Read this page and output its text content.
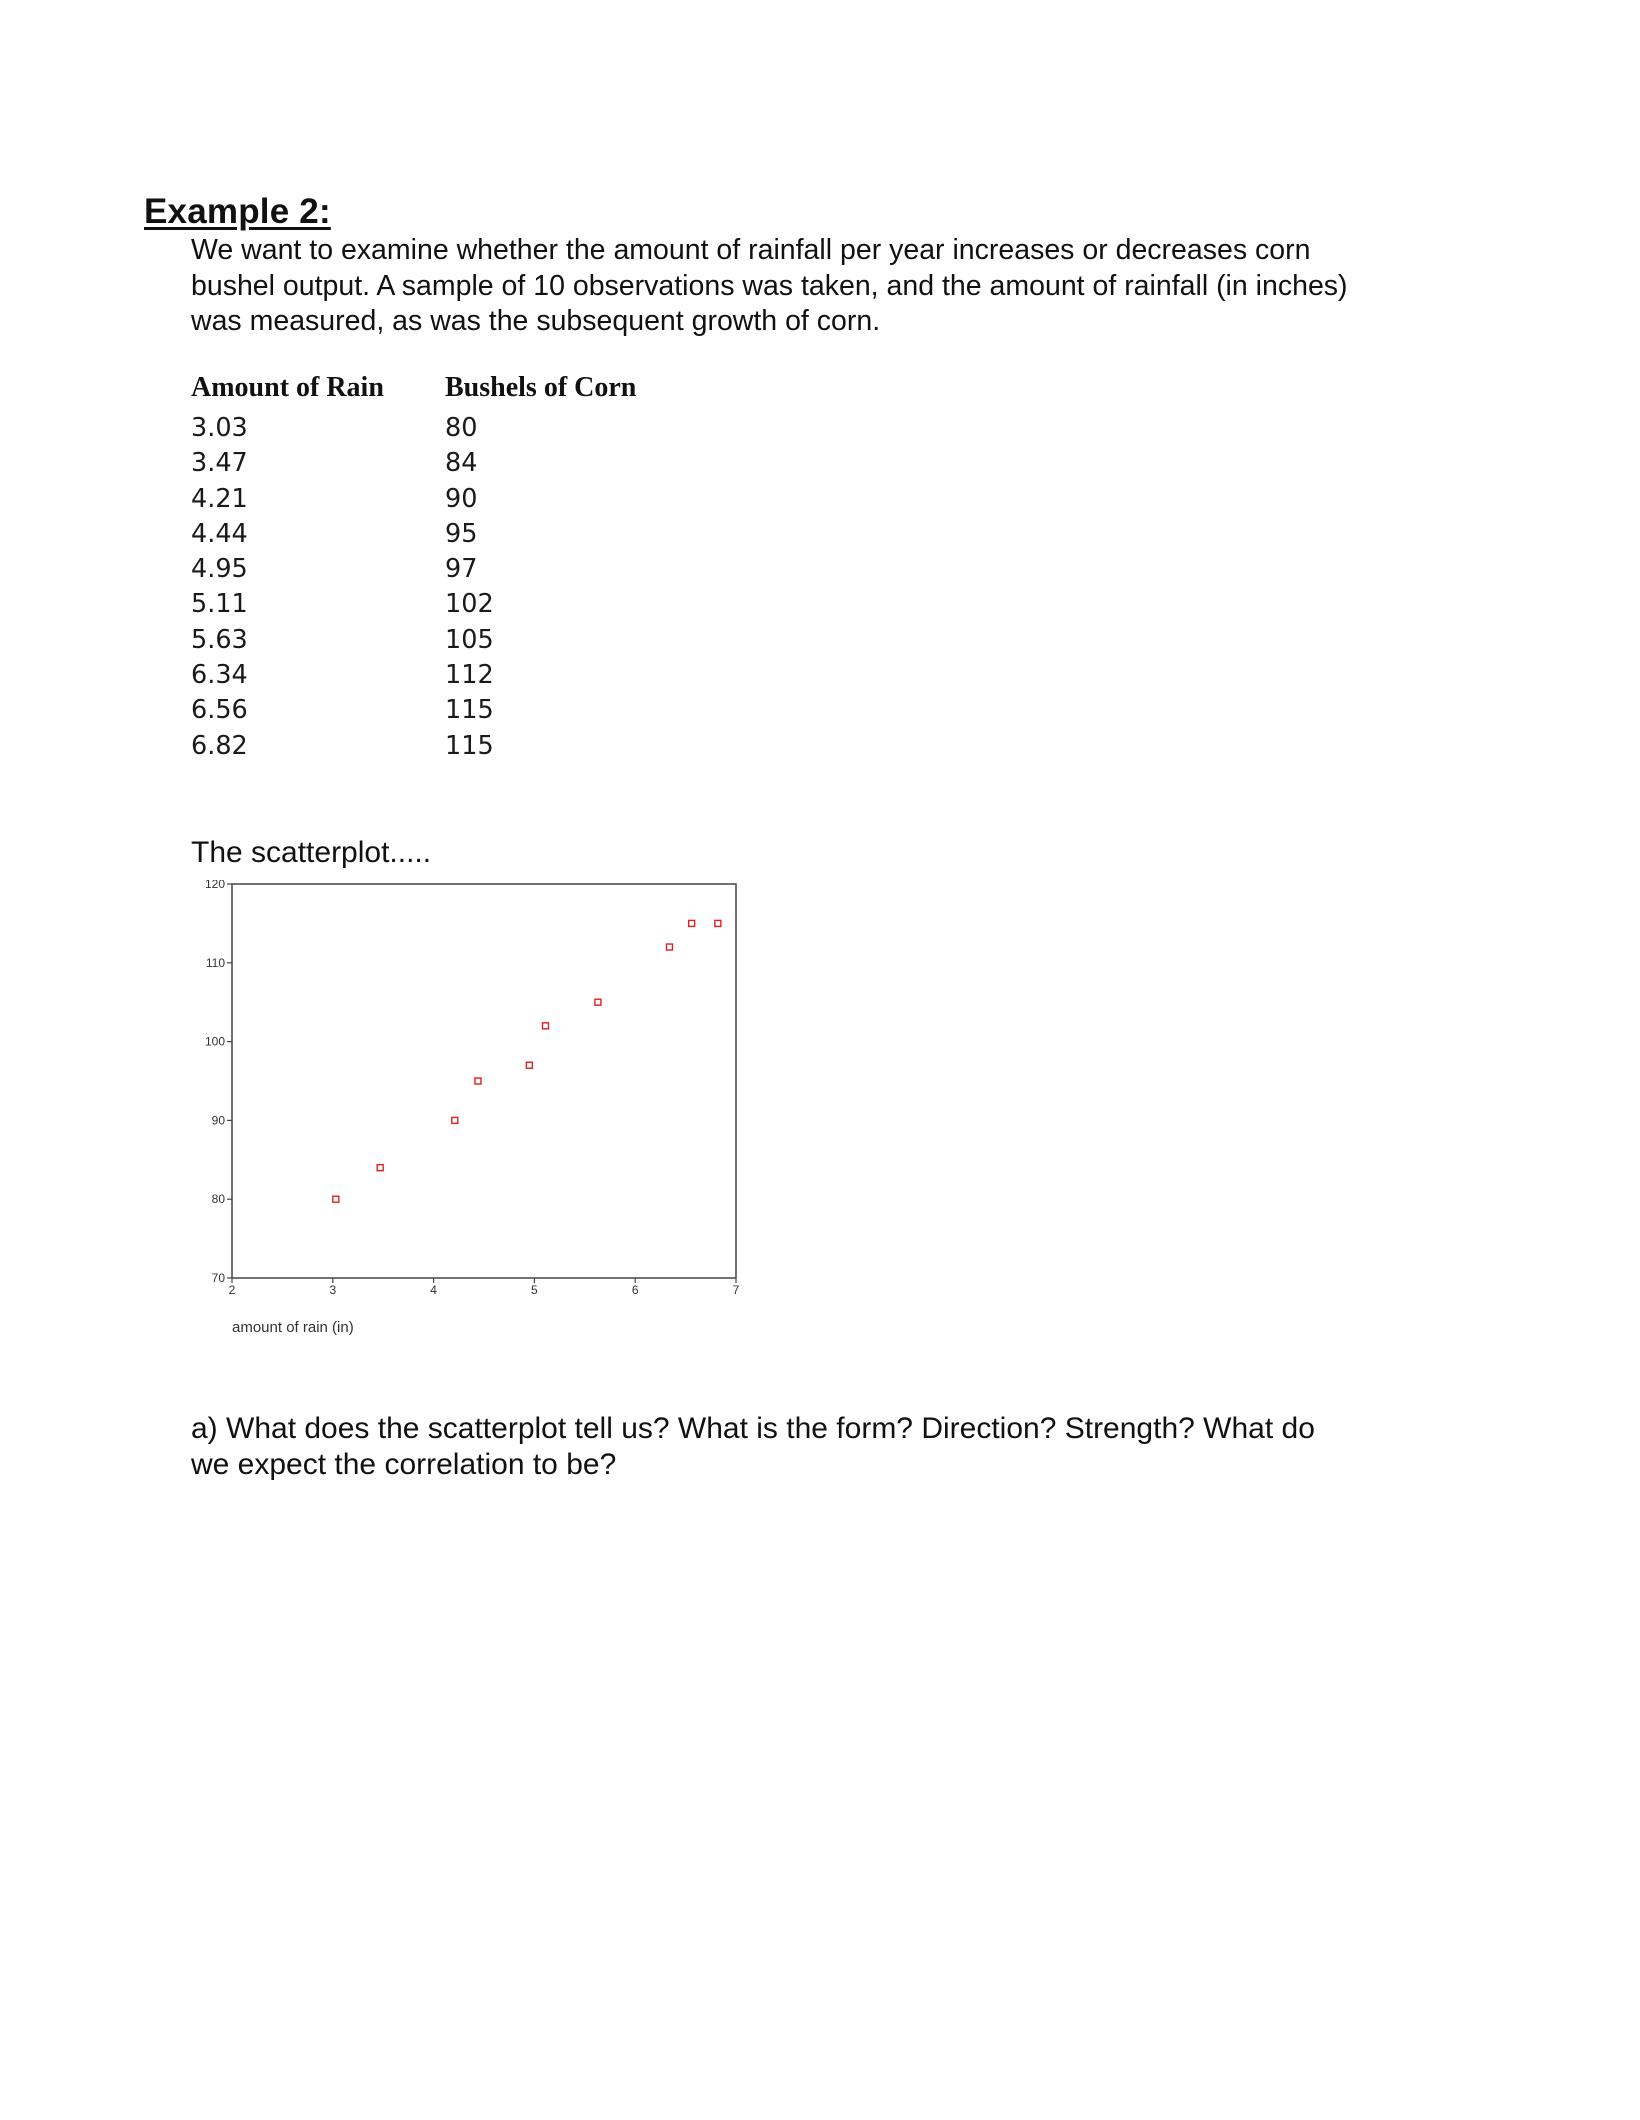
Example 2:

We want to examine whether the amount of rainfall per year increases or decreases corn
bushel output. A sample of 10 observations was taken, and the amount of rainfall (in inches)
was measured, as was the subsequent growth of corn.

Amount of Rain	Bushels of Corn
3.03	80
3.47	84
4.21	90
4.44	95
4.95	97
5.11	102
5.63	105
6.34	112
6.56	115
6.82	115

The scatterplot.....

70
80
90
100
110
120
2	3	4	5	6	7
amount of rain (in)

a) What does the scatterplot tell us? What is the form? Direction? Strength? What do
we expect the correlation to be?
